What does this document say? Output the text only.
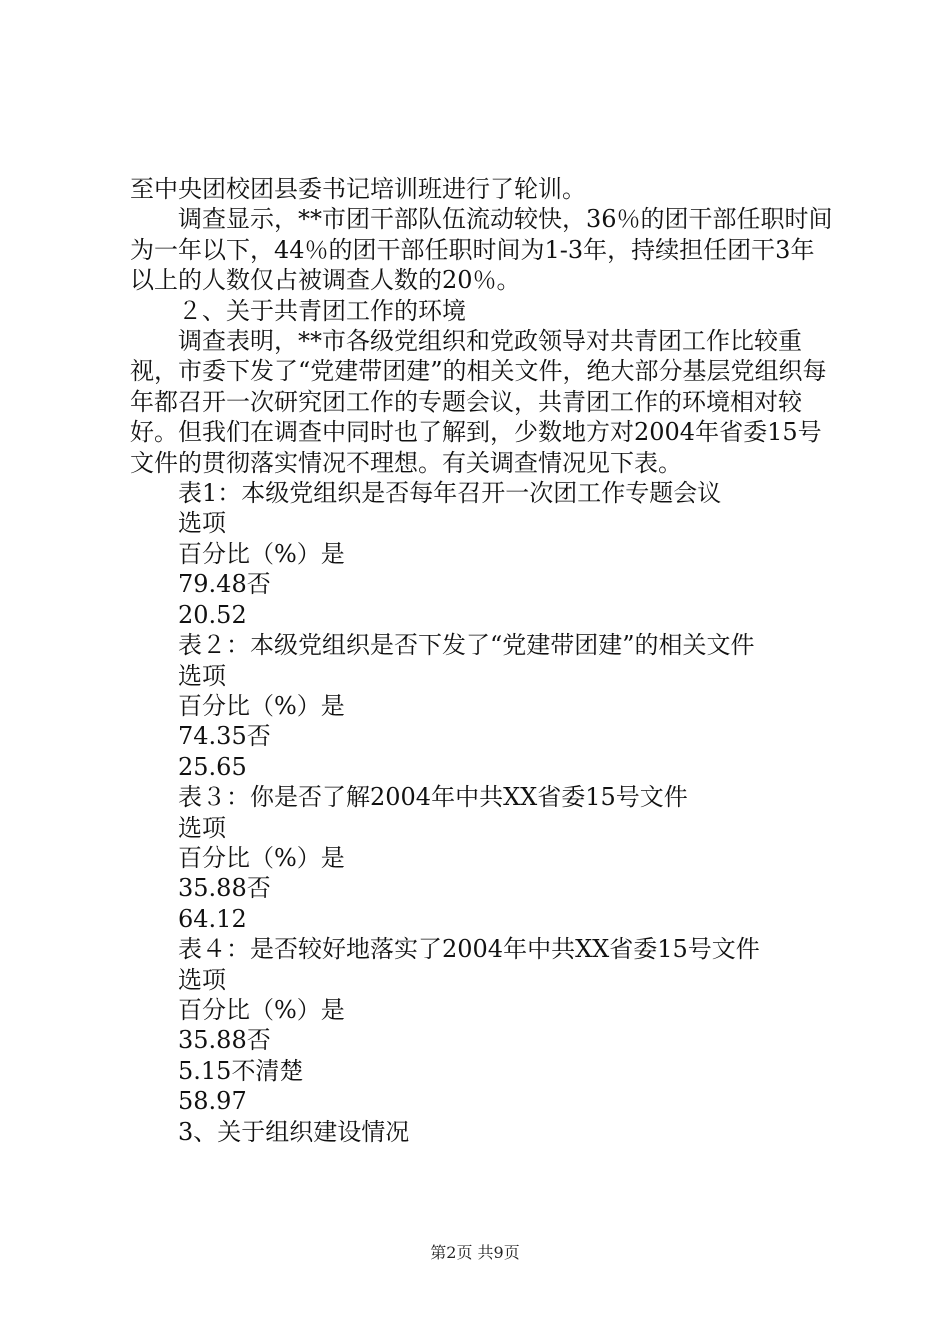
至中央团校团县委书记培训班进行了轮训。

调查显示，**市团干部队伍流动较快，36％的团干部任职时间为一年以下，44％的团干部任职时间为1-3年，持续担任团干3年以上的人数仅占被调查人数的20％。

２、关于共青团工作的环境

调查表明，**市各级党组织和党政领导对共青团工作比较重视，市委下发了“党建带团建”的相关文件，绝大部分基层党组织每年都召开一次研究团工作的专题会议，共青团工作的环境相对较好。但我们在调查中同时也了解到，少数地方对2004年省委15号文件的贯彻落实情况不理想。有关调查情况见下表。

表1：本级党组织是否每年召开一次团工作专题会议

选项

百分比（%）是

79.48否

20.52

表２：本级党组织是否下发了“党建带团建”的相关文件

选项

百分比（%）是

74.35否

25.65

表３：你是否了解2004年中共XX省委15号文件

选项

百分比（%）是

35.88否

64.12

表４：是否较好地落实了2004年中共XX省委15号文件

选项

百分比（%）是

35.88否

5.15不清楚

58.97

3、关于组织建设情况

第2页 共9页
